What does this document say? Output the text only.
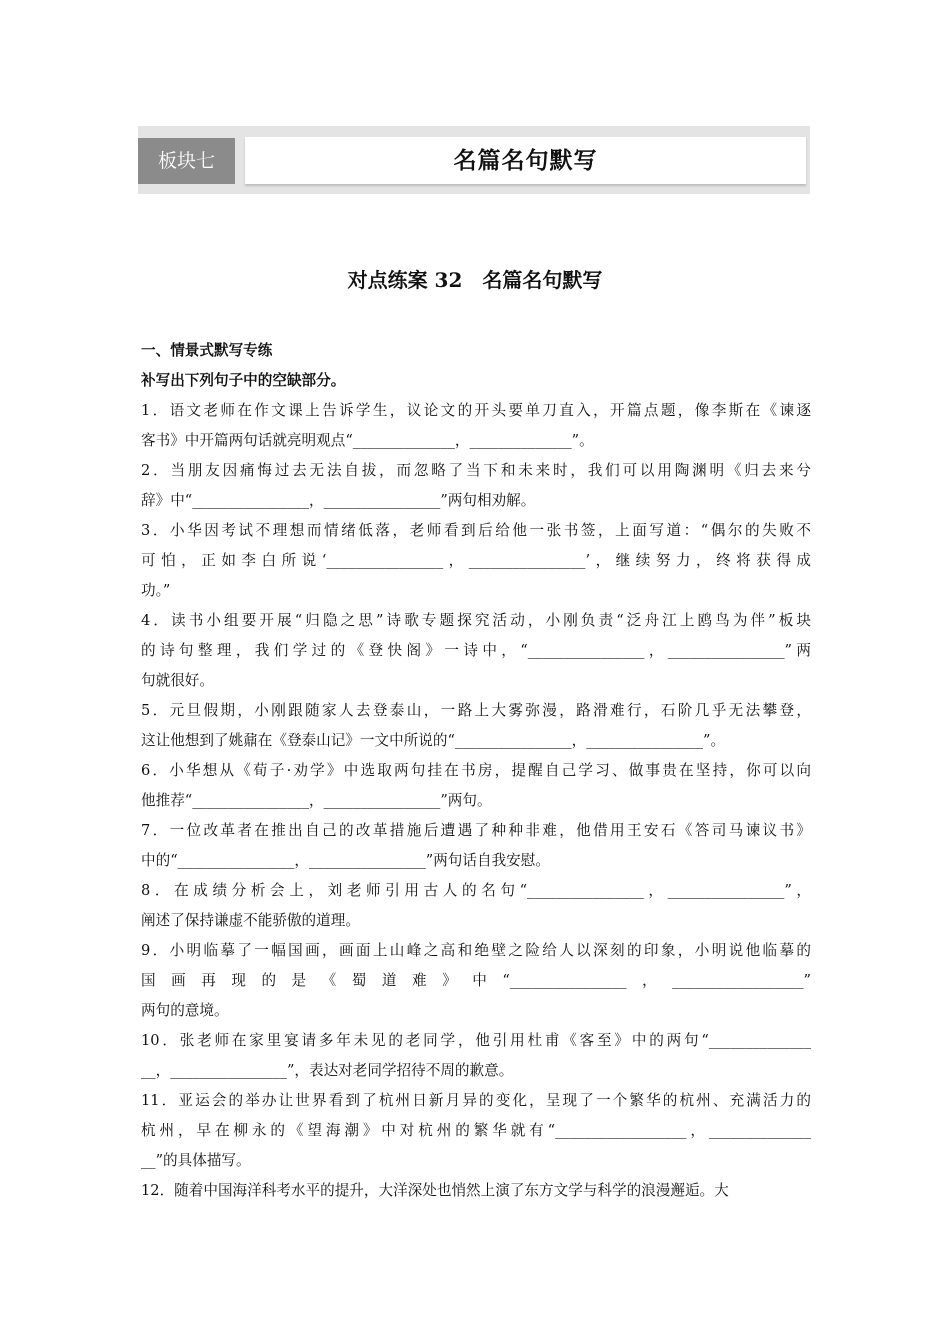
板块七	名篇名句默写
对点练案 32　名篇名句默写
一、情景式默写专练
补写出下列句子中的空缺部分。
1．语文老师在作文课上告诉学生，议论文的开头要单刀直入，开篇点题，像李斯在《谏逐
客书》中开篇两句话就亮明观点“______________，______________”。
2．当朋友因痛悔过去无法自拔，而忽略了当下和未来时，我们可以用陶渊明《归去来兮
辞》中“________________，________________”两句相劝解。
3．小华因考试不理想而情绪低落，老师看到后给他一张书签，上面写道：“偶尔的失败不
可怕，正如李白所说‘________________，________________’，继续努力，终将获得成
功。”
4．读书小组要开展“归隐之思”诗歌专题探究活动，小刚负责“泛舟江上鸥鸟为伴”板块
的诗句整理，我们学过的《登快阁》一诗中，“________________，________________”两
句就很好。
5．元旦假期，小刚跟随家人去登泰山，一路上大雾弥漫，路滑难行，石阶几乎无法攀登，
这让他想到了姚鼐在《登泰山记》一文中所说的“________________，________________”。
6．小华想从《荀子·劝学》中选取两句挂在书房，提醒自己学习、做事贵在坚持，你可以向
他推荐“________________，________________”两句。
7．一位改革者在推出自己的改革措施后遭遇了种种非难，他借用王安石《答司马谏议书》
中的“________________，________________”两句话自我安慰。
8．在成绩分析会上，刘老师引用古人的名句“________________，________________”，
阐述了保持谦虚不能骄傲的道理。
9．小明临摹了一幅国画，画面上山峰之高和绝壁之险给人以深刻的印象，小明说他临摹的
国画再现的是《蜀道难》中“________________，__________________”
两句的意境。
10．张老师在家里宴请多年未见的老同学，他引用杜甫《客至》中的两句“______________
__，________________”，表达对老同学招待不周的歉意。
11．亚运会的举办让世界看到了杭州日新月异的变化，呈现了一个繁华的杭州、充满活力的
杭州，早在柳永的《望海潮》中对杭州的繁华就有“__________________，______________
__”的具体描写。
12．随着中国海洋科考水平的提升，大洋深处也悄然上演了东方文学与科学的浪漫邂逅。大
